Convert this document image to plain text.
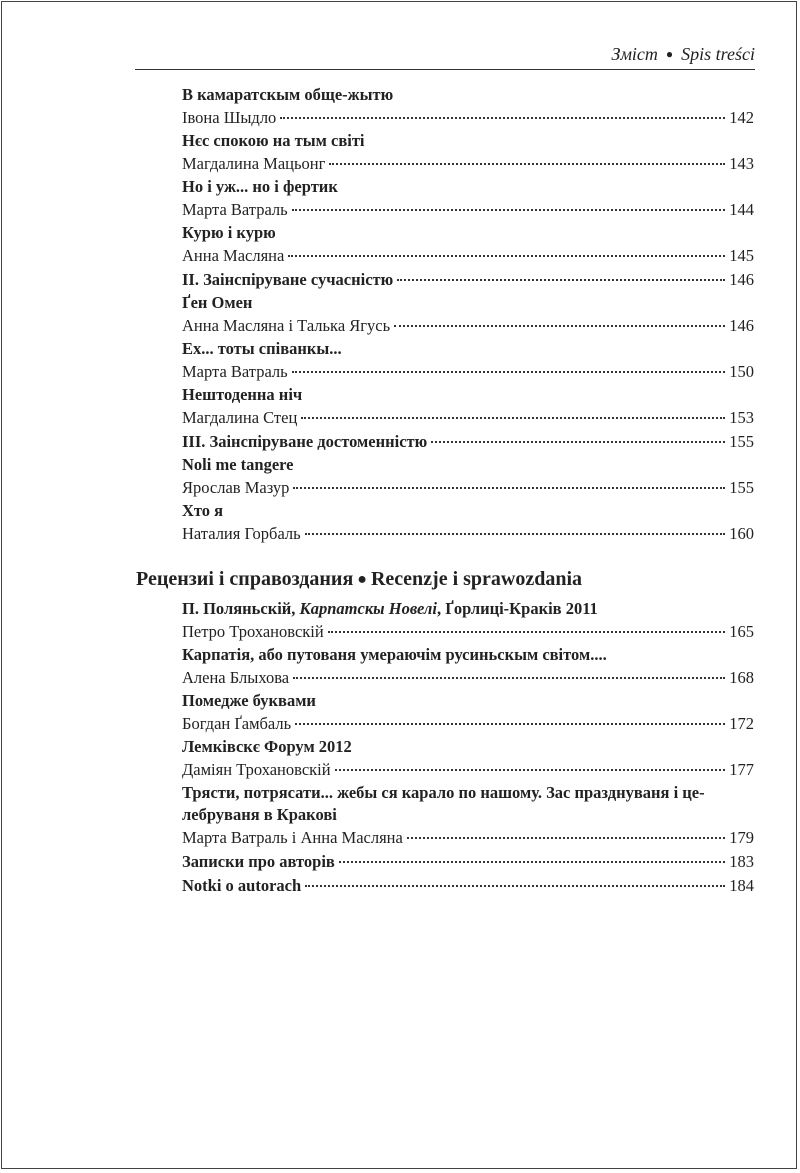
Зміст ● Spis treści
В камаратскым обще-жытю
Івона Шыдло	142
Нєс спокою на тым світі
Магдалина Мацьонг	143
Но і уж... но і фертик
Марта Ватраль	144
Курю і курю
Анна Масляна	145
II. Заінспіруване сучасністю	146
Ґен Омен
Анна Масляна і Талька Ягусь	146
Ех... тоты співанкы...
Марта Ватраль	150
Нештоденна ніч
Магдалина Стец	153
III. Заінспіруване достоменністю	155
Noli me tangere
Ярослав Мазур	155
Хто я
Наталия Горбаль	160
Рецензиі і справоздания ● Recenzje i sprawozdania
П. Поляньскій, Карпатскы Новелі, Ґорлиці-Краків 2011
Петро Трохановскій	165
Карпатія, або путованя умераючім русиньскым світом....
Алена Блыхова	168
Помедже буквами
Богдан Ґамбаль	172
Лемківскє Форум 2012
Даміян Трохановскій	177
Трясти, потрясати... жебы ся карало по нашому. Зас празднуваня і це-
лебруваня в Кракові
Марта Ватраль і Анна Масляна	179
Записки про авторів	183
Notki o autorach	184
